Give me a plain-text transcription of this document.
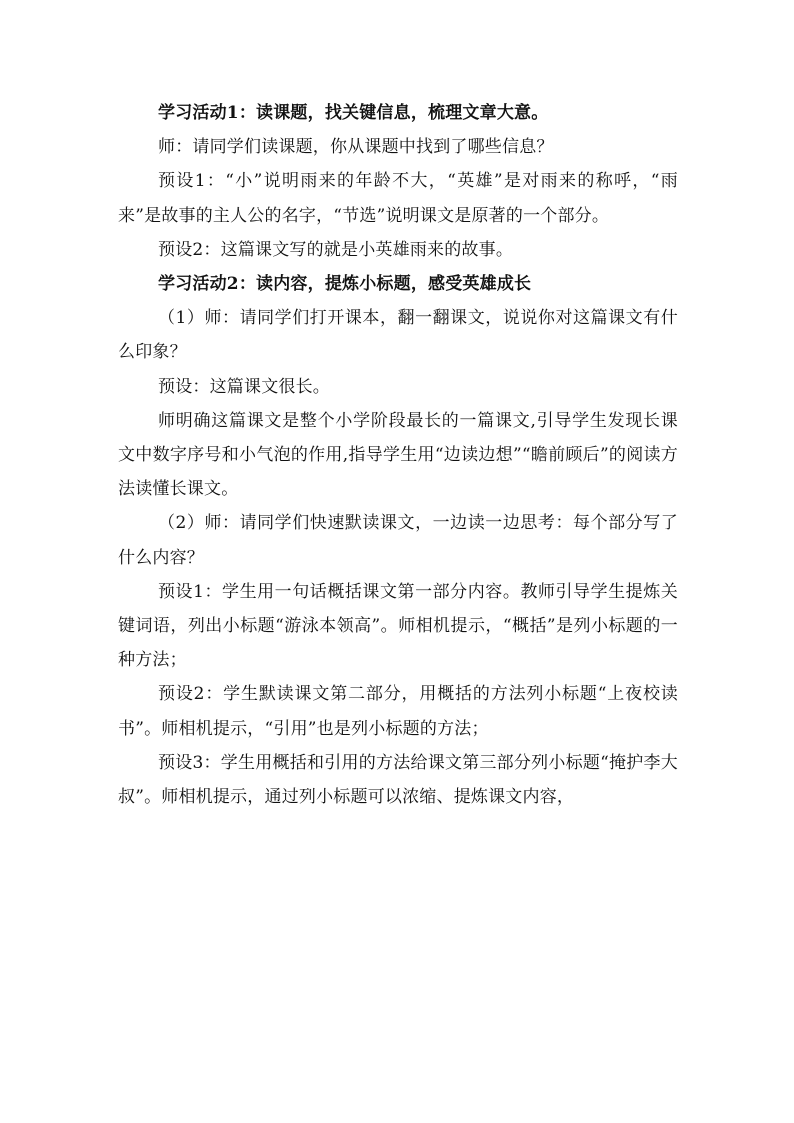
学习活动1：读课题，找关键信息，梳理文章大意。

师：请同学们读课题，你从课题中找到了哪些信息？

预设1：“小”说明雨来的年龄不大，“英雄”是对雨来的称呼，“雨来”是故事的主人公的名字，“节选”说明课文是原著的一个部分。

预设2：这篇课文写的就是小英雄雨来的故事。

学习活动2：读内容，提炼小标题，感受英雄成长

（1）师：请同学们打开课本，翻一翻课文，说说你对这篇课文有什么印象？

预设：这篇课文很长。

师明确这篇课文是整个小学阶段最长的一篇课文,引导学生发现长课文中数字序号和小气泡的作用,指导学生用“边读边想”“瞻前顾后”的阅读方法读懂长课文。

（2）师：请同学们快速默读课文，一边读一边思考：每个部分写了什么内容？

预设1：学生用一句话概括课文第一部分内容。教师引导学生提炼关键词语，列出小标题“游泳本领高”。师相机提示，“概括”是列小标题的一种方法；

预设2：学生默读课文第二部分，用概括的方法列小标题“上夜校读书”。师相机提示，“引用”也是列小标题的方法；

预设3：学生用概括和引用的方法给课文第三部分列小标题“掩护李大叔”。师相机提示，通过列小标题可以浓缩、提炼课文内容，
